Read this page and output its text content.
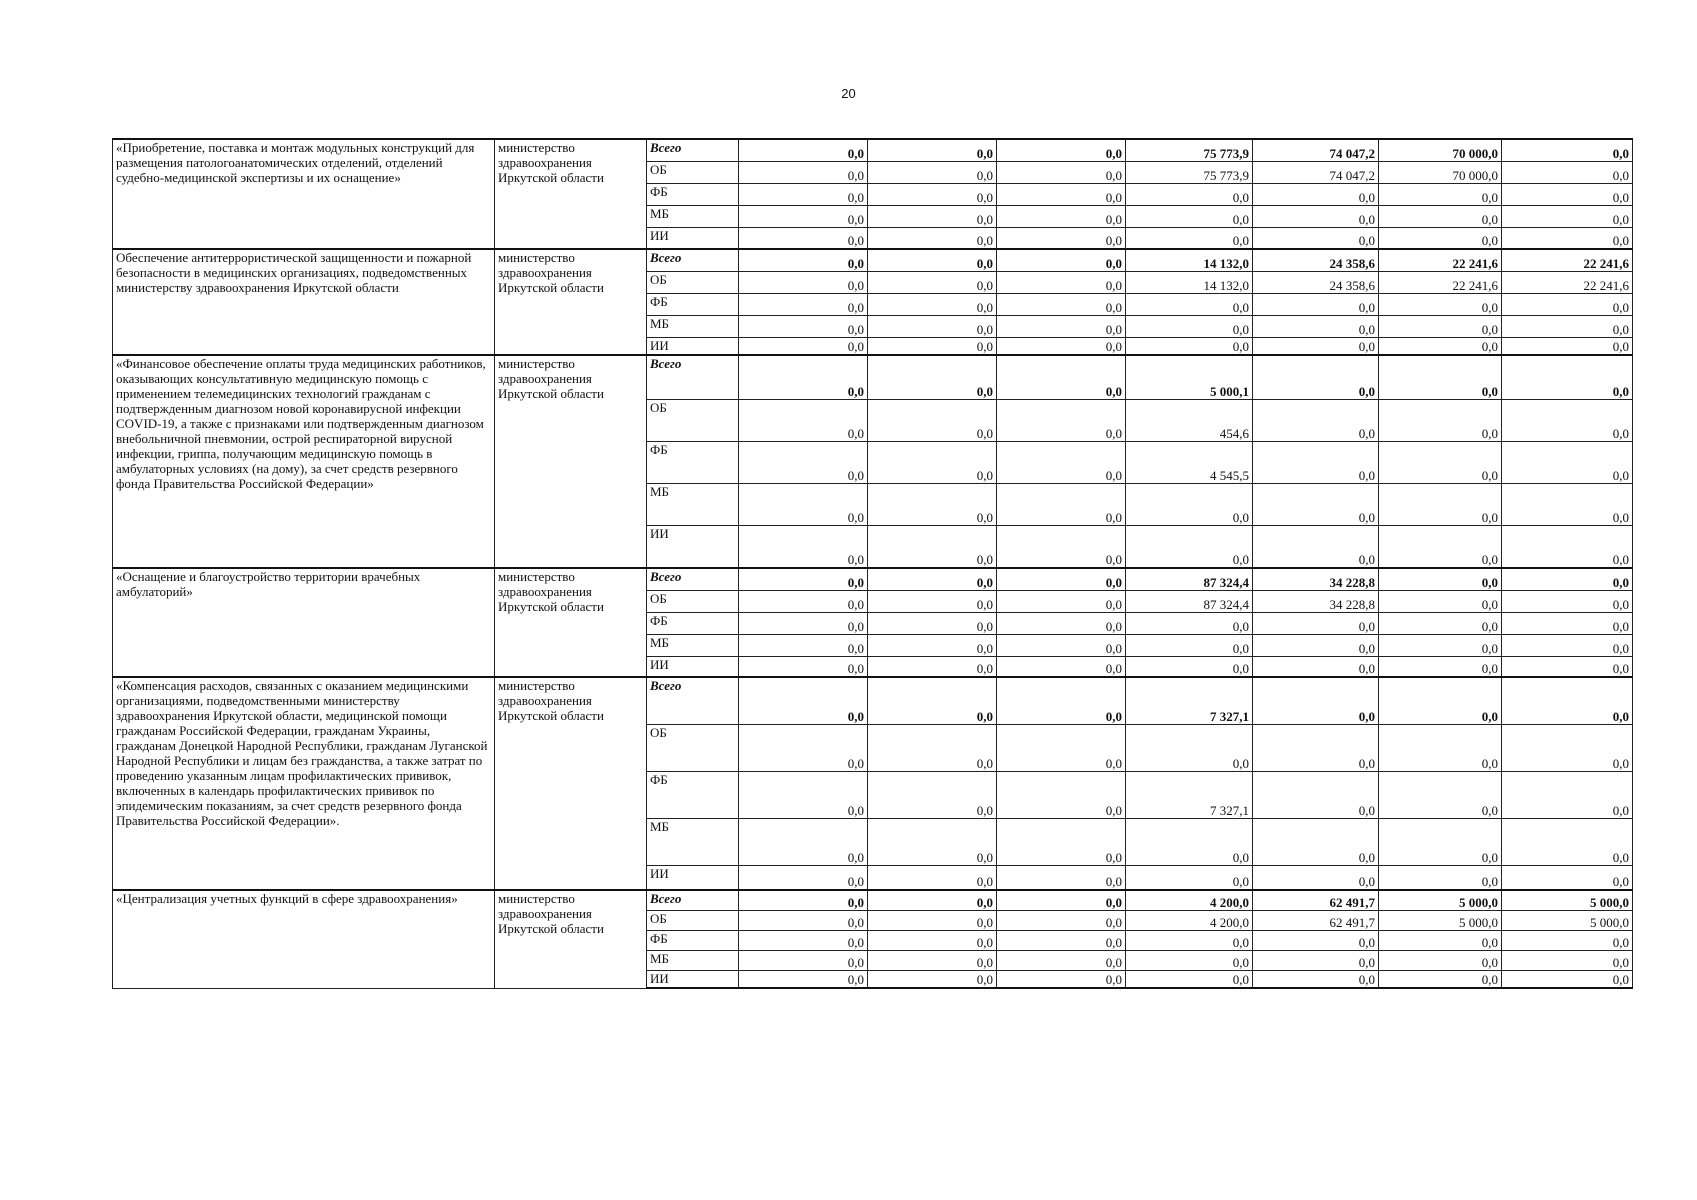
20
«Приобретение, поставка и монтаж модульных конструкций для размещения патологоанатомических отделений, отделений судебно-медицинской экспертизы и их оснащение»	министерство здравоохранения Иркутской области	Всего	0,0	0,0	0,0	75 773,9	74 047,2	70 000,0	0,0
		ОБ	0,0	0,0	0,0	75 773,9	74 047,2	70 000,0	0,0
		ФБ	0,0	0,0	0,0	0,0	0,0	0,0	0,0
		МБ	0,0	0,0	0,0	0,0	0,0	0,0	0,0
		ИИ	0,0	0,0	0,0	0,0	0,0	0,0	0,0
Обеспечение антитеррористической защищенности и пожарной безопасности в медицинских организациях, подведомственных министерству здравоохранения Иркутской области	министерство здравоохранения Иркутской области	Всего	0,0	0,0	0,0	14 132,0	24 358,6	22 241,6	22 241,6
		ОБ	0,0	0,0	0,0	14 132,0	24 358,6	22 241,6	22 241,6
		ФБ	0,0	0,0	0,0	0,0	0,0	0,0	0,0
		МБ	0,0	0,0	0,0	0,0	0,0	0,0	0,0
		ИИ	0,0	0,0	0,0	0,0	0,0	0,0	0,0
«Финансовое обеспечение оплаты труда медицинских работников, оказывающих консультативную медицинскую помощь с применением телемедицинских технологий гражданам с подтвержденным диагнозом новой коронавирусной инфекции COVID-19, а также с признаками или подтвержденным диагнозом внебольничной пневмонии, острой респираторной вирусной инфекции, гриппа, получающим медицинскую помощь в амбулаторных условиях (на дому), за счет средств резервного фонда Правительства Российской Федерации»	министерство здравоохранения Иркутской области	Всего	0,0	0,0	0,0	5 000,1	0,0	0,0	0,0
		ОБ	0,0	0,0	0,0	454,6	0,0	0,0	0,0
		ФБ	0,0	0,0	0,0	4 545,5	0,0	0,0	0,0
		МБ	0,0	0,0	0,0	0,0	0,0	0,0	0,0
		ИИ	0,0	0,0	0,0	0,0	0,0	0,0	0,0
«Оснащение и благоустройство территории врачебных амбулаторий»	министерство здравоохранения Иркутской области	Всего	0,0	0,0	0,0	87 324,4	34 228,8	0,0	0,0
		ОБ	0,0	0,0	0,0	87 324,4	34 228,8	0,0	0,0
		ФБ	0,0	0,0	0,0	0,0	0,0	0,0	0,0
		МБ	0,0	0,0	0,0	0,0	0,0	0,0	0,0
		ИИ	0,0	0,0	0,0	0,0	0,0	0,0	0,0
«Компенсация расходов, связанных с оказанием медицинскими организациями, подведомственными министерству здравоохранения Иркутской области, медицинской помощи гражданам Российской Федерации, гражданам Украины, гражданам Донецкой Народной Республики, гражданам Луганской Народной Республики и лицам без гражданства, а также затрат по проведению указанным лицам профилактических прививок, включенных в календарь профилактических прививок по эпидемическим показаниям, за счет средств резервного фонда Правительства Российской Федерации».	министерство здравоохранения Иркутской области	Всего	0,0	0,0	0,0	7 327,1	0,0	0,0	0,0
		ОБ	0,0	0,0	0,0	0,0	0,0	0,0	0,0
		ФБ	0,0	0,0	0,0	7 327,1	0,0	0,0	0,0
		МБ	0,0	0,0	0,0	0,0	0,0	0,0	0,0
		ИИ	0,0	0,0	0,0	0,0	0,0	0,0	0,0
«Централизация учетных функций в сфере здравоохранения»	министерство здравоохранения Иркутской области	Всего	0,0	0,0	0,0	4 200,0	62 491,7	5 000,0	5 000,0
		ОБ	0,0	0,0	0,0	4 200,0	62 491,7	5 000,0	5 000,0
		ФБ	0,0	0,0	0,0	0,0	0,0	0,0	0,0
		МБ	0,0	0,0	0,0	0,0	0,0	0,0	0,0
		ИИ	0,0	0,0	0,0	0,0	0,0	0,0	0,0
